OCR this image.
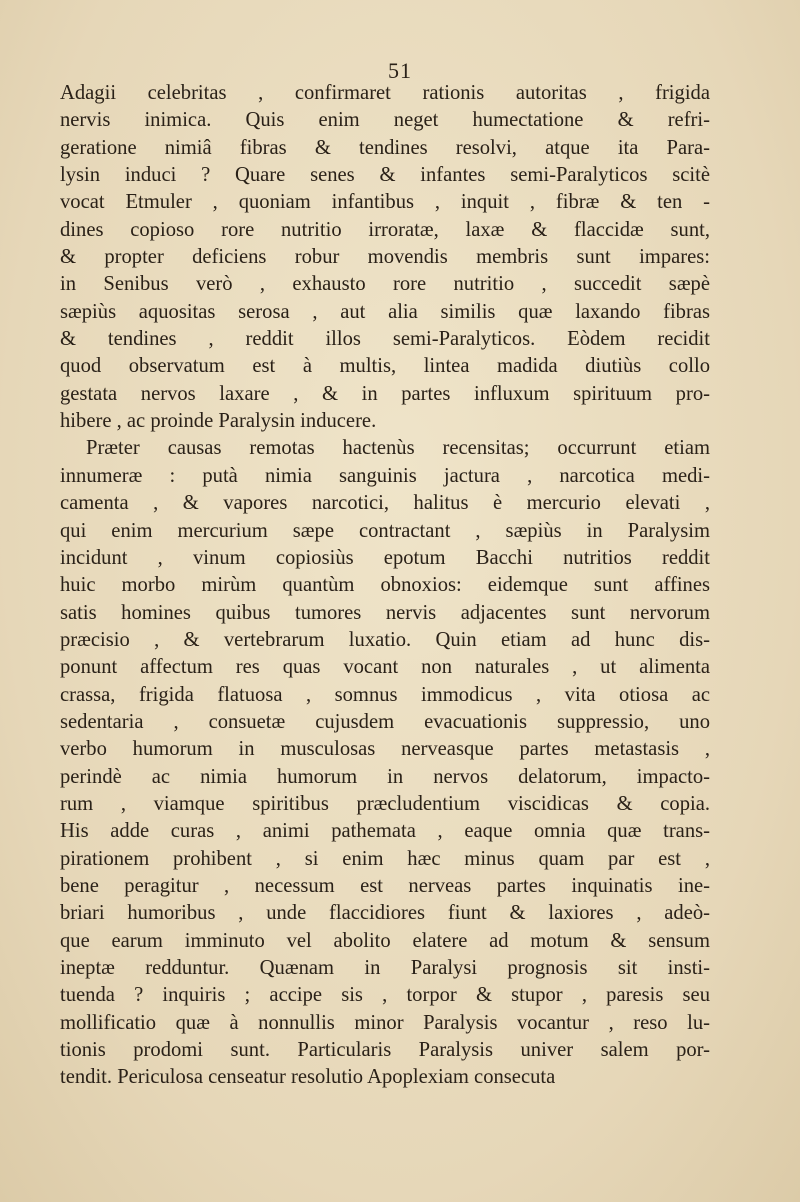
51
Adagii celebritas , confirmaret rationis autoritas , frigida
nervis inimica. Quis enim neget humectatione & refri-
geratione nimiâ fibras & tendines resolvi, atque ita Para-
lysin induci ? Quare senes & infantes semi-Paralyticos scitè
vocat Etmuler , quoniam infantibus , inquit , fibræ & ten -
dines copioso rore nutritio irroratæ, laxæ & flaccidæ sunt,
& propter deficiens robur movendis membris sunt impares:
in Senibus verò , exhausto rore nutritio , succedit sæpè
sæpiùs aquositas serosa , aut alia similis quæ laxando fibras
& tendines , reddit illos semi-Paralyticos. Eòdem recidit
quod observatum est à multis, lintea madida diutiùs collo
gestata nervos laxare , & in partes influxum spirituum pro-
hibere , ac proinde Paralysin inducere.
Præter causas remotas hactenùs recensitas; occurrunt etiam
innumeræ : putà nimia sanguinis jactura , narcotica medi-
camenta , & vapores narcotici, halitus è mercurio elevati ,
qui enim mercurium sæpe contractant , sæpiùs in Paralysim
incidunt , vinum copiosiùs epotum Bacchi nutritios reddit
huic morbo mirùm quantùm obnoxios: eidemque sunt affines
satis homines quibus tumores nervis adjacentes sunt nervorum
præcisio , & vertebrarum luxatio. Quin etiam ad hunc dis-
ponunt affectum res quas vocant non naturales , ut alimenta
crassa, frigida flatuosa , somnus immodicus , vita otiosa ac
sedentaria , consuetæ cujusdem evacuationis suppressio, uno
verbo humorum in musculosas nerveasque partes metastasis ,
perindè ac nimia humorum in nervos delatorum, impacto-
rum , viamque spiritibus præcludentium viscidicas & copia.
His adde curas , animi pathemata , eaque omnia quæ trans-
pirationem prohibent , si enim hæc minus quam par est ,
bene peragitur , necessum est nerveas partes inquinatis ine-
briari humoribus , unde flaccidiores fiunt & laxiores , adeò-
que earum imminuto vel abolito elatere ad motum & sensum
ineptæ redduntur. Quænam in Paralysi prognosis sit insti-
tuenda ? inquiris ; accipe sis , torpor & stupor , paresis seu
mollificatio quæ à nonnullis minor Paralysis vocantur , reso lu-
tionis prodomi sunt. Particularis Paralysis univer salem por-
tendit. Periculosa censeatur resolutio Apoplexiam consecuta
